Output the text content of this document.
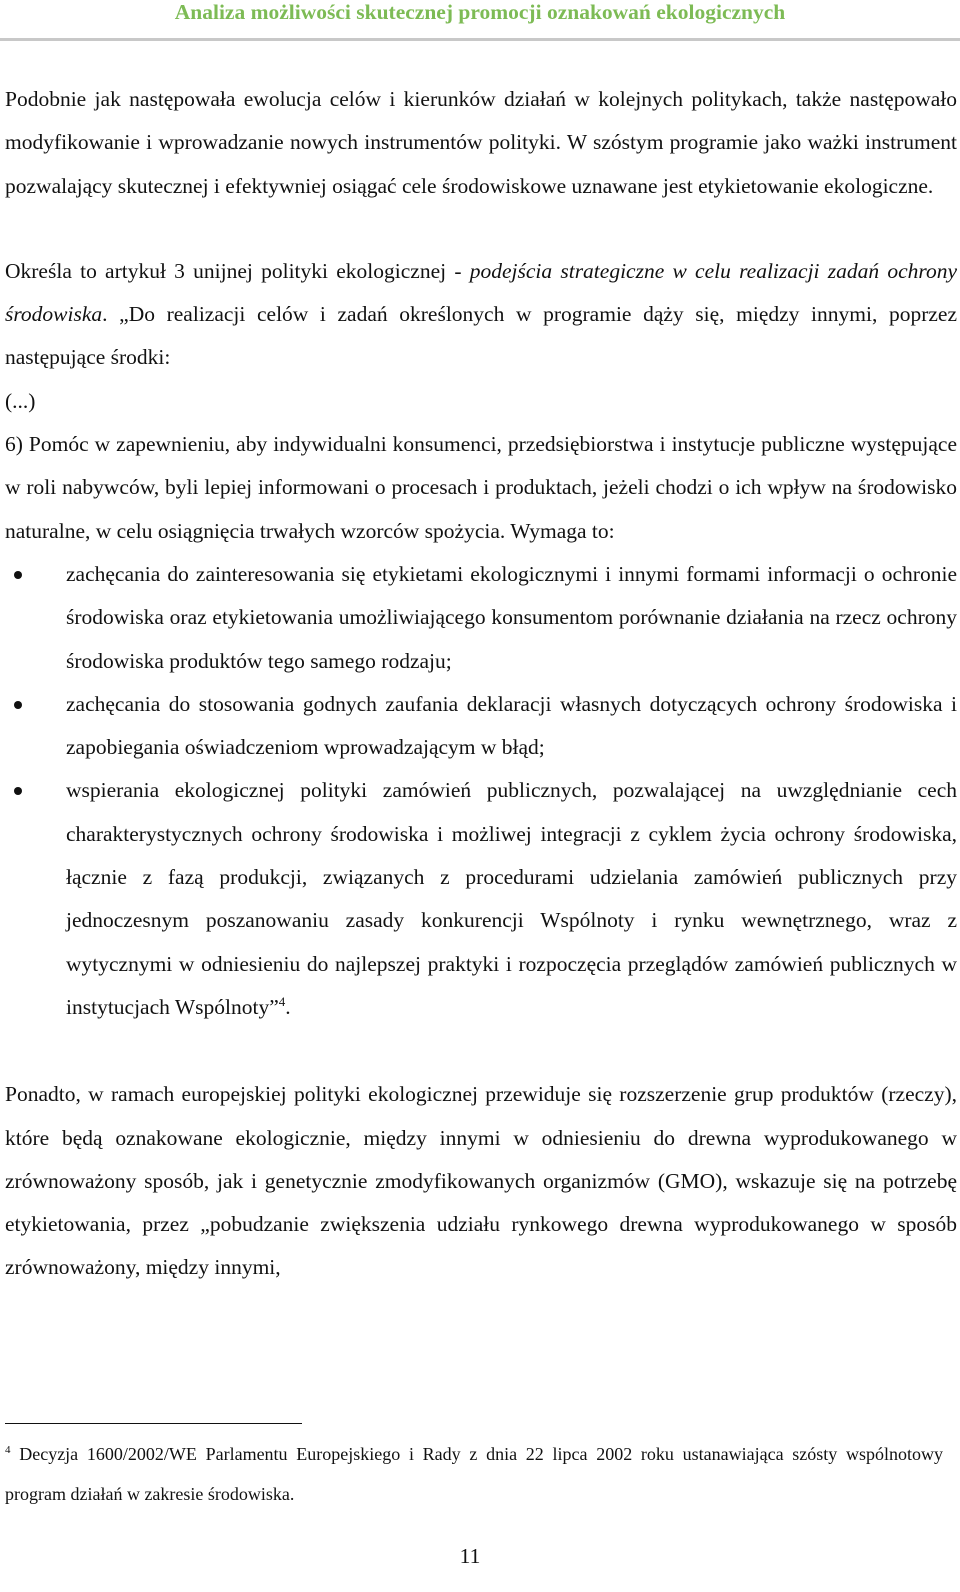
Analiza możliwości skutecznej promocji oznakowań ekologicznych

Podobnie jak następowała ewolucja celów i kierunków działań w kolejnych politykach, także następowało modyfikowanie i wprowadzanie nowych instrumentów polityki. W szóstym programie jako ważki instrument pozwalający skutecznej i efektywniej osiągać cele środowiskowe uznawane jest etykietowanie ekologiczne.

Określa to artykuł 3 unijnej polityki ekologicznej - podejścia strategiczne w celu realizacji zadań ochrony środowiska. „Do realizacji celów i zadań określonych w programie dąży się, między innymi, poprzez następujące środki:

(...)

6) Pomóc w zapewnieniu, aby indywidualni konsumenci, przedsiębiorstwa i instytucje publiczne występujące w roli nabywców, byli lepiej informowani o procesach i produktach, jeżeli chodzi o ich wpływ na środowisko naturalne, w celu osiągnięcia trwałych wzorców spożycia. Wymaga to:

zachęcania do zainteresowania się etykietami ekologicznymi i innymi formami informacji o ochronie środowiska oraz etykietowania umożliwiającego konsumentom porównanie działania na rzecz ochrony środowiska produktów tego samego rodzaju;
zachęcania do stosowania godnych zaufania deklaracji własnych dotyczących ochrony środowiska i zapobiegania oświadczeniom wprowadzającym w błąd;
wspierania ekologicznej polityki zamówień publicznych, pozwalającej na uwzględnianie cech charakterystycznych ochrony środowiska i możliwej integracji z cyklem życia ochrony środowiska, łącznie z fazą produkcji, związanych z procedurami udzielania zamówień publicznych przy jednoczesnym poszanowaniu zasady konkurencji Wspólnoty i rynku wewnętrznego, wraz z wytycznymi w odniesieniu do najlepszej praktyki i rozpoczęcia przeglądów zamówień publicznych w instytucjach Wspólnoty”$^4$.

Ponadto, w ramach europejskiej polityki ekologicznej przewiduje się rozszerzenie grup produktów (rzeczy), które będą oznakowane ekologicznie, między innymi w odniesieniu do drewna wyprodukowanego w zrównoważony sposób, jak i genetycznie zmodyfikowanych organizmów (GMO), wskazuje się na potrzebę etykietowania, przez „pobudzanie zwiększenia udziału rynkowego drewna wyprodukowanego w sposób zrównoważony, między innymi,

$^4$ Decyzja 1600/2002/WE Parlamentu Europejskiego i Rady z dnia 22 lipca 2002 roku ustanawiająca szósty wspólnotowy program działań w zakresie środowiska.

11
